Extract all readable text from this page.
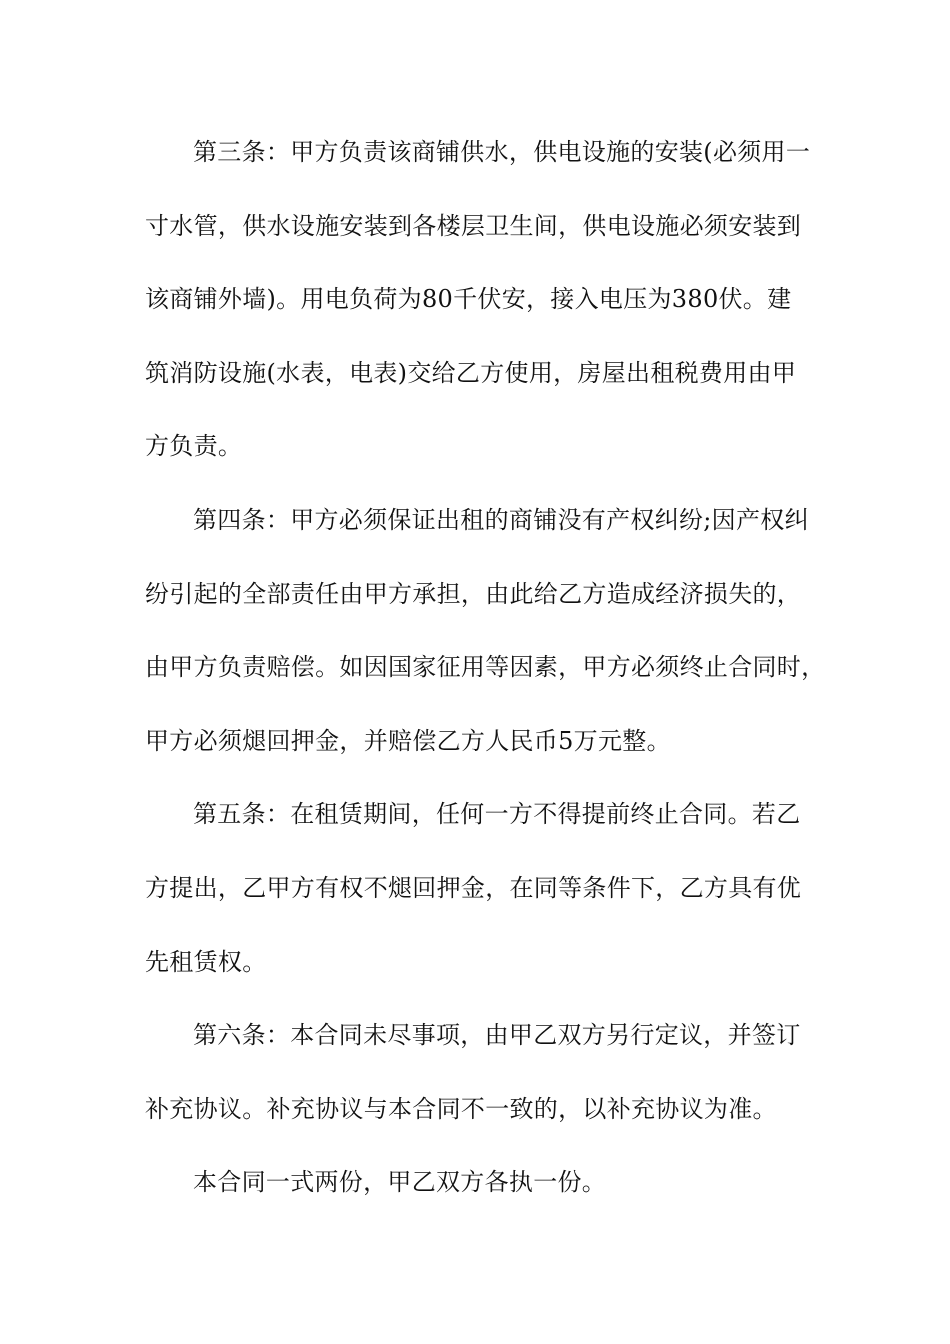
第三条：甲方负责该商铺供水，供电设施的安装(必须用一
寸水管，供水设施安装到各楼层卫生间，供电设施必须安装到
该商铺外墙)。用电负荷为80千伏安，接入电压为380伏。建
筑消防设施(水表，电表)交给乙方使用，房屋出租税费用由甲
方负责。
第四条：甲方必须保证出租的商铺没有产权纠纷;因产权纠
纷引起的全部责任由甲方承担，由此给乙方造成经济损失的，
由甲方负责赔偿。如因国家征用等因素，甲方必须终止合同时，
甲方必须煺回押金，并赔偿乙方人民币5万元整。
第五条：在租赁期间，任何一方不得提前终止合同。若乙
方提出，乙甲方有权不煺回押金，在同等条件下，乙方具有优
先租赁权。
第六条：本合同未尽事项，由甲乙双方另行定议，并签订
补充协议。补充协议与本合同不一致的，以补充协议为准。
本合同一式两份，甲乙双方各执一份。
